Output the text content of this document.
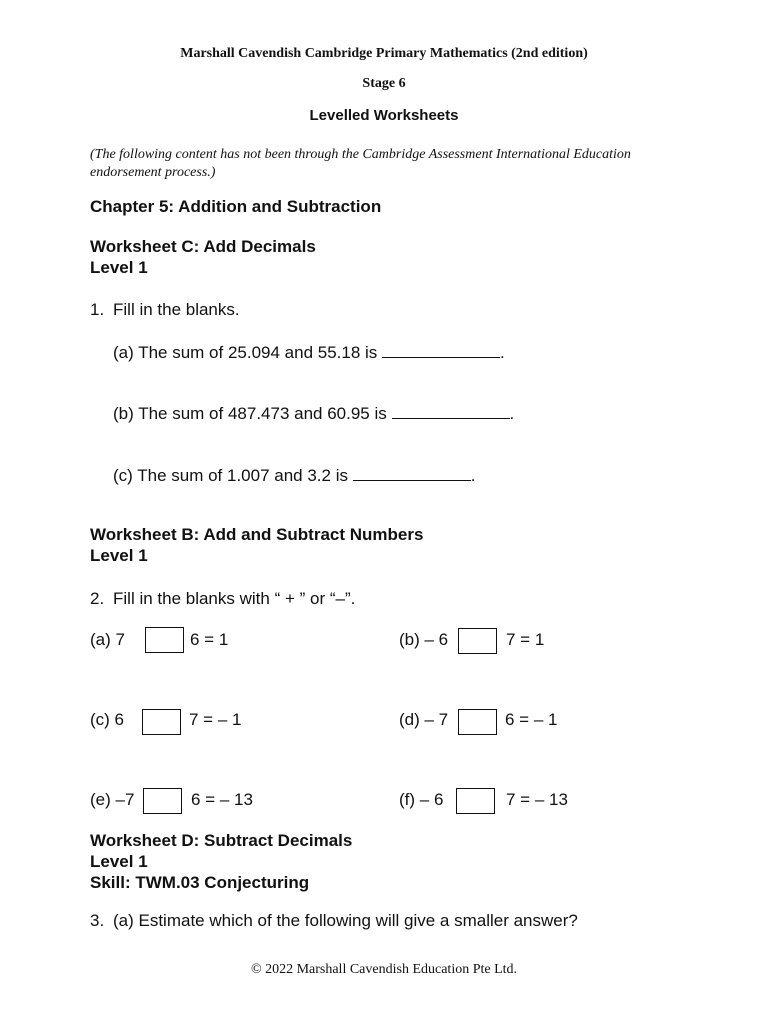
Marshall Cavendish Cambridge Primary Mathematics (2nd edition)
Stage 6
Levelled Worksheets
(The following content has not been through the Cambridge Assessment International Education endorsement process.)
Chapter 5: Addition and Subtraction
Worksheet C: Add Decimals
Level 1
1. Fill in the blanks.
(a) The sum of 25.094 and 55.18 is	.
(b) The sum of 487.473 and 60.95 is	.
(c) The sum of 1.007 and 3.2 is	.
Worksheet B: Add and Subtract Numbers
Level 1
2. Fill in the blanks with “ + ” or “–”.
(a) 7	6 = 1	(b) – 6	7 = 1
(c) 6	7 = – 1	(d) – 7	6 = – 1
(e) –7	6 = – 13	(f) – 6	7 = – 13
Worksheet D: Subtract Decimals
Level 1
Skill: TWM.03 Conjecturing
3. (a) Estimate which of the following will give a smaller answer?
© 2022 Marshall Cavendish Education Pte Ltd.
